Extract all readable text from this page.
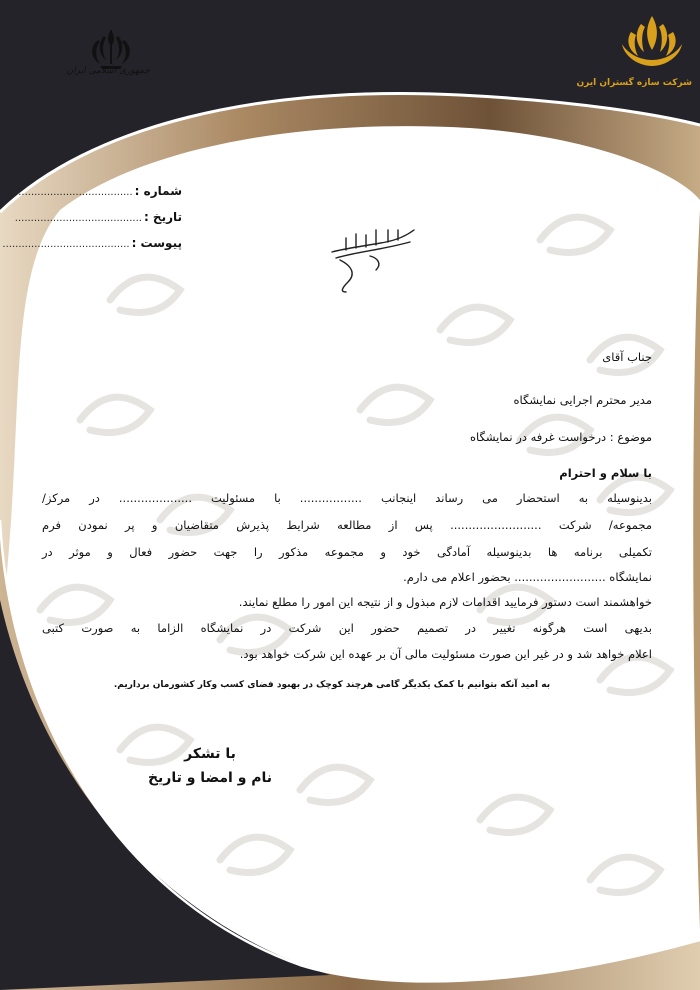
جمهوری اسلامی ایران
شرکت سازه گستران ایرن
شماره :
........................................
تاریخ :
........................................
پیوست :
........................................
جناب آقای
مدیر محترم اجرایی نمایشگاه
موضوع : درخواست غرفه در نمایشگاه
با سلام و احترام
بدینوسیله به استحضار می رساند اینجانب ................. با مسئولیت .................... در مرکز/
مجموعه/ شرکت ......................... پس از مطالعه شرایط پذیرش متقاضیان و پر نمودن فرم
تکمیلی برنامه ها بدینوسیله آمادگی خود و مجموعه مذکور را جهت حضور فعال و موثر در
نمایشگاه ......................... بحضور اعلام می دارم.
خواهشمند است دستور فرمایید اقدامات لازم مبذول و از نتیجه این امور را مطلع نمایند.
بدیهی است هرگونه تغییر در تصمیم حضور این شرکت در نمایشگاه الزاما به صورت کتبی
اعلام خواهد شد و در غیر این صورت مسئولیت مالی آن بر عهده این شرکت خواهد بود.
به امید آنکه بتوانیم با کمک یکدیگر گامی هرچند کوچک در بهبود فضای کسب وکار کشورمان برداریم.
با تشکر
نام و امضا و تاریخ
